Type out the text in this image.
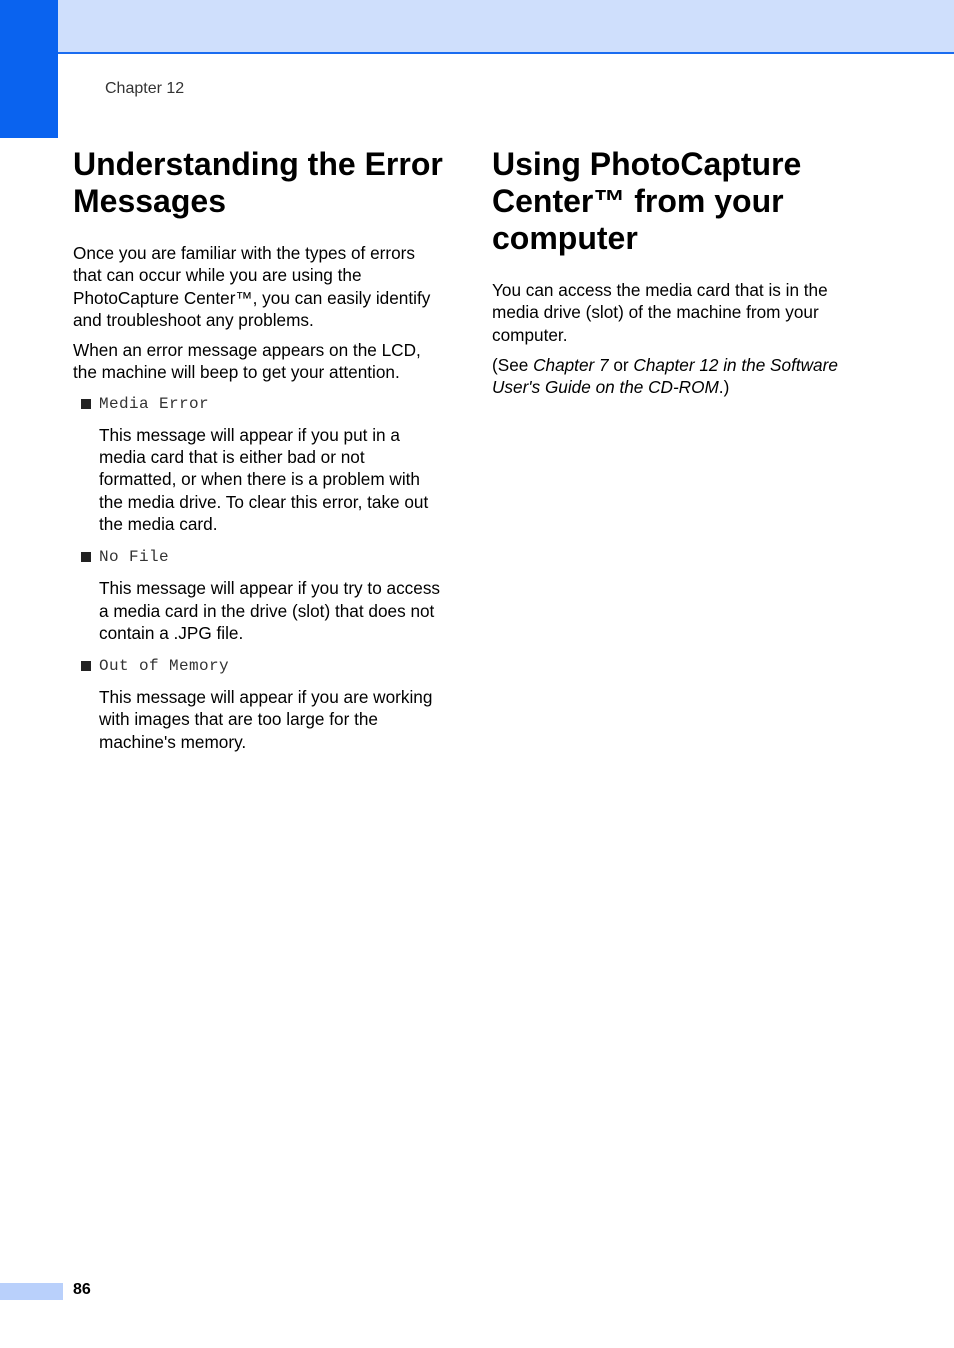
Chapter 12
Understanding the Error Messages

Once you are familiar with the types of errors that can occur while you are using the PhotoCapture Center™, you can easily identify and troubleshoot any problems.

When an error message appears on the LCD, the machine will beep to get your attention.

Media Error

This message will appear if you put in a media card that is either bad or not formatted, or when there is a problem with the media drive. To clear this error, take out the media card.

No File

This message will appear if you try to access a media card in the drive (slot) that does not contain a .JPG file.

Out of Memory

This message will appear if you are working with images that are too large for the machine's memory.

Using PhotoCapture Center™ from your computer

You can access the media card that is in the media drive (slot) of the machine from your computer.

(See Chapter 7 or Chapter 12 in the Software User's Guide on the CD-ROM.)

86
